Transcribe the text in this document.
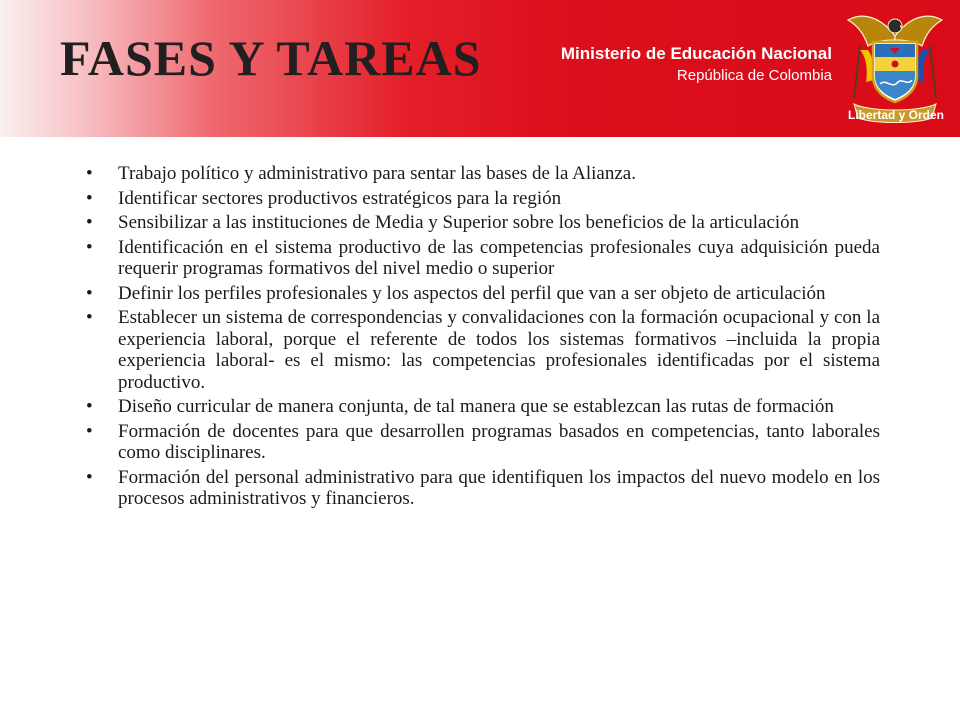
FASES Y TAREAS	Ministerio de Educación Nacional
República de Colombia
Libertad y Orden
•	Trabajo político y administrativo para sentar las bases de la Alianza.
•	Identificar sectores productivos estratégicos para la región
•	Sensibilizar a las instituciones de Media y Superior sobre los beneficios de la articulación
•	Identificación en el sistema productivo de las competencias profesionales cuya adquisición pueda requerir programas formativos del nivel medio o superior
•	Definir los perfiles profesionales y los aspectos del perfil que van a ser objeto de articulación
•	Establecer un sistema de correspondencias y convalidaciones con la formación ocupacional y con la experiencia laboral, porque el referente de todos los sistemas formativos –incluida la propia experiencia laboral- es el mismo: las competencias profesionales identificadas por el sistema productivo.
•	Diseño curricular de manera conjunta, de tal manera que se establezcan las rutas de formación
•	Formación de docentes para que desarrollen programas basados en competencias, tanto laborales como disciplinares.
•	Formación del personal administrativo para que identifiquen los impactos del nuevo modelo en los procesos administrativos y financieros.
